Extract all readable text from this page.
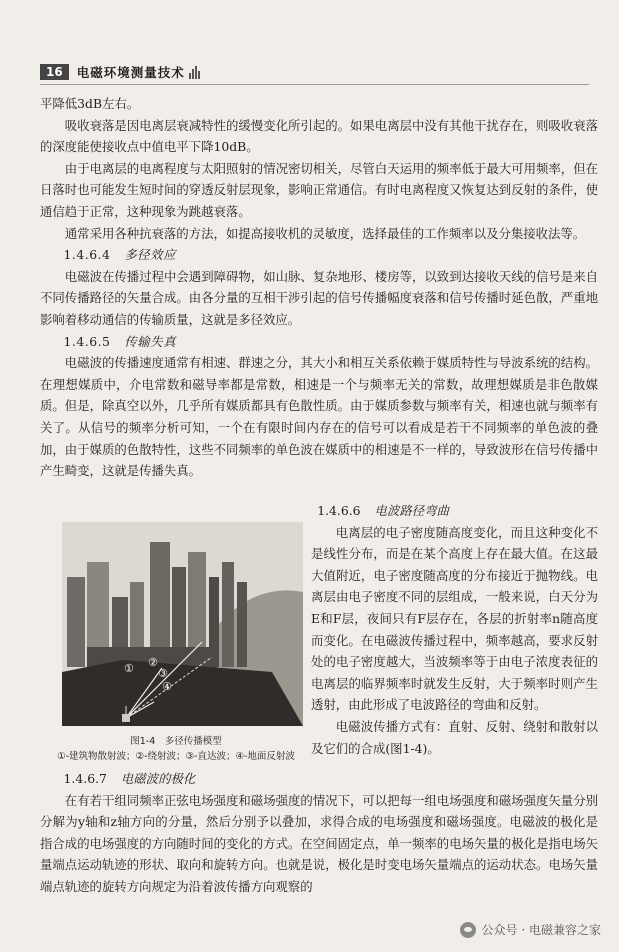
16	电磁环境测量技术

平降低3dB左右。

吸收衰落是因电离层衰减特性的缓慢变化所引起的。如果电离层中没有其他干扰存在，则吸收衰落的深度能使接收点中值电平下降10dB。

由于电离层的电离程度与太阳照射的情况密切相关，尽管白天运用的频率低于最大可用频率，但在日落时也可能发生短时间的穿透反射层现象，影响正常通信。有时电离程度又恢复达到反射的条件，使通信趋于正常，这种现象为跳越衰落。

通常采用各种抗衰落的方法，如提高接收机的灵敏度，选择最佳的工作频率以及分集接收法等。

1.4.6.4 多径效应

电磁波在传播过程中会遇到障碍物，如山脉、复杂地形、楼房等，以致到达接收天线的信号是来自不同传播路径的矢量合成。由各分量的互相干涉引起的信号传播幅度衰落和信号传播时延色散，严重地影响着移动通信的传输质量，这就是多径效应。

1.4.6.5 传输失真

电磁波的传播速度通常有相速、群速之分，其大小和相互关系依赖于媒质特性与导波系统的结构。在理想媒质中，介电常数和磁导率都是常数，相速是一个与频率无关的常数，故理想媒质是非色散媒质。但是，除真空以外，几乎所有媒质都具有色散性质。由于媒质参数与频率有关，相速也就与频率有关了。从信号的频率分析可知，一个在有限时间内存在的信号可以看成是若干不同频率的单色波的叠加，由于媒质的色散特性，这些不同频率的单色波在媒质中的相速是不一样的，导致波形在信号传播中产生畸变，这就是传播失真。

1.4.6.6 电波路径弯曲

电离层的电子密度随高度变化，而且这种变化不是线性分布，而是在某个高度上存在最大值。在这最大值附近，电子密度随高度的分布接近于抛物线。电离层由电子密度不同的层组成，一般来说，白天分为E和F层，夜间只有F层存在，各层的折射率n随高度而变化。在电磁波传播过程中，频率越高，要求反射处的电子密度越大，当波频率等于由电子浓度表征的电离层的临界频率时就发生反射，大于频率时则产生透射，由此形成了电波路径的弯曲和反射。

电磁波传播方式有：直射、反射、绕射和散射以及它们的合成(图1-4)。

① ②
③
④
图1-4　多径传播模型
①-建筑物散射波；②-绕射波；③-直达波；④-地面反射波
1.4.6.7 电磁波的极化

在有若干组同频率正弦电场强度和磁场强度的情况下，可以把每一组电场强度和磁场强度矢量分别分解为y轴和z轴方向的分量，然后分别予以叠加，求得合成的电场强度和磁场强度。电磁波的极化是指合成的电场强度的方向随时间的变化的方式。在空间固定点，单一频率的电场矢量的极化是指电场矢量端点运动轨迹的形状、取向和旋转方向。也就是说，极化是时变电场矢量端点的运动状态。电场矢量端点轨迹的旋转方向规定为沿着波传播方向观察的

公众号 · 电磁兼容之家
